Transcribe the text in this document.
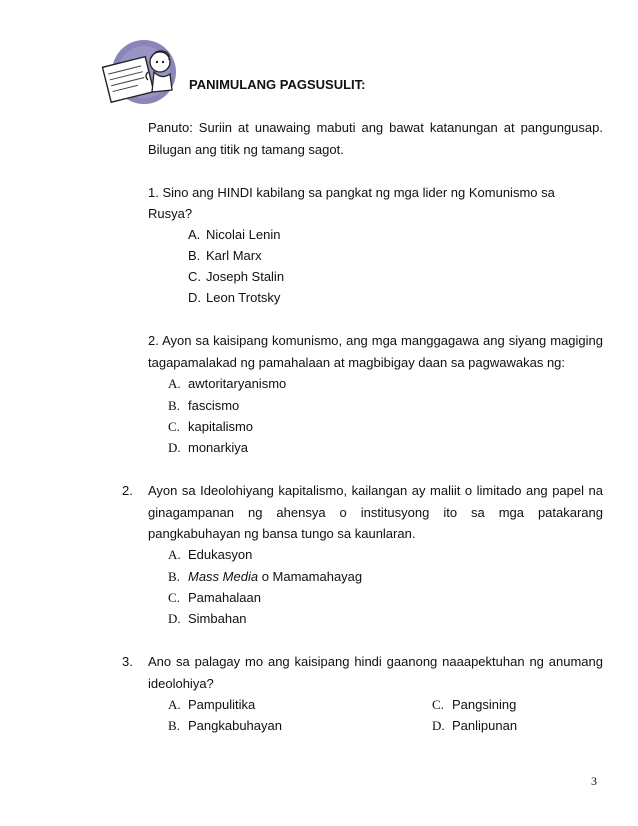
PANIMULANG PAGSUSULIT:
Panuto: Suriin at unawaing mabuti ang bawat katanungan at pangungusap.
Bilugan ang titik ng tamang sagot.
1. Sino ang HINDI kabilang sa pangkat ng mga lider ng Komunismo sa
Rusya?
A. Nicolai Lenin
B. Karl Marx
C. Joseph Stalin
D. Leon Trotsky
2. Ayon sa kaisipang komunismo, ang mga manggagawa ang siyang magiging
tagapamalakad ng pamahalaan at magbibigay daan sa pagwawakas ng:
A. awtoritaryanismo
B. fascismo
C. kapitalismo
D. monarkiya
2. Ayon sa Ideolohiyang kapitalismo, kailangan ay maliit o limitado ang papel na
ginagampanan ng ahensya o institusyong ito sa mga patakarang
pangkabuhayan ng bansa tungo sa kaunlaran.
A. Edukasyon
B. Mass Media o Mamamahayag
C. Pamahalaan
D. Simbahan
3. Ano sa palagay mo ang kaisipang hindi gaanong naaapektuhan ng anumang
ideolohiya?
A. Pampulitika	C. Pangsining
B. Pangkabuhayan	D. Panlipunan
3
